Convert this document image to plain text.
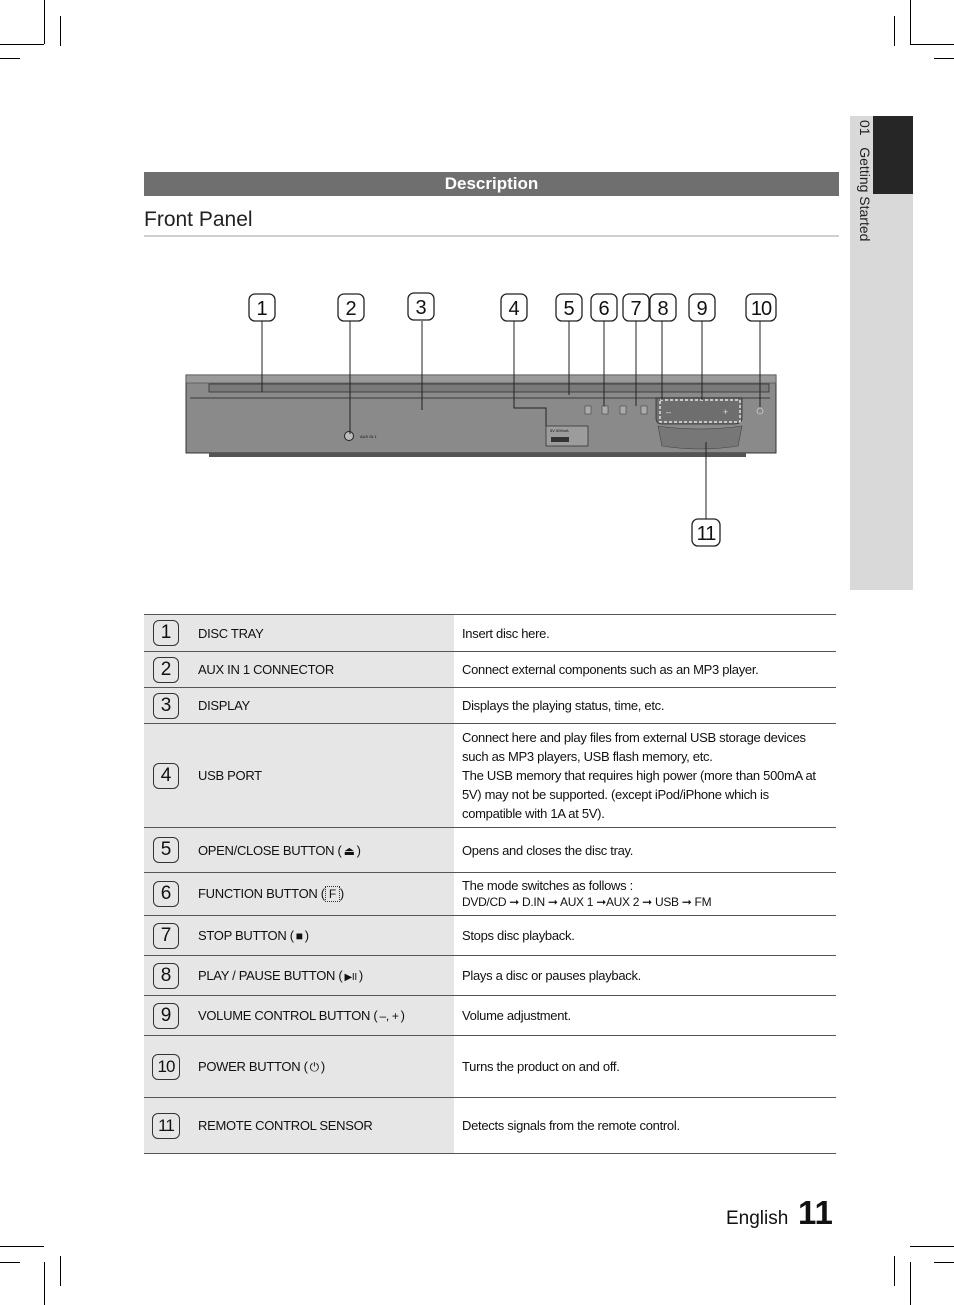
01   Getting Started
Description
Front Panel
AUX IN 1
5V 500mA
–	+
1	2	3	4 5 6 7 8 9 10
11
1	DISC TRAY	Insert disc here.

2	AUX IN 1 CONNECTOR	Connect external components such as an MP3 player.

3	DISPLAY	Displays the playing status, time, etc.

4	USB PORT	Connect here and play files from external USB storage devices such as MP3 players, USB flash memory, etc.
The USB memory that requires high power (more than 500mA at 5V) may not be supported. (except iPod/iPhone which is compatible with 1A at 5V).

5	OPEN/CLOSE BUTTON ( ⏏ )	Opens and closes the disc tray.

6	FUNCTION BUTTON ( F )	The mode switches as follows :
DVD/CD ➞ D.IN ➞ AUX 1 ➞AUX 2 ➞ USB ➞ FM

7	STOP BUTTON ( ■ )	Stops disc playback.

8	PLAY / PAUSE BUTTON ( ▶II )	Plays a disc or pauses playback.

9	VOLUME CONTROL BUTTON ( –, + )	Volume adjustment.

10	POWER BUTTON ( ⏻ )	Turns the product on and off.

11	REMOTE CONTROL SENSOR	Detects signals from the remote control.
English 11
